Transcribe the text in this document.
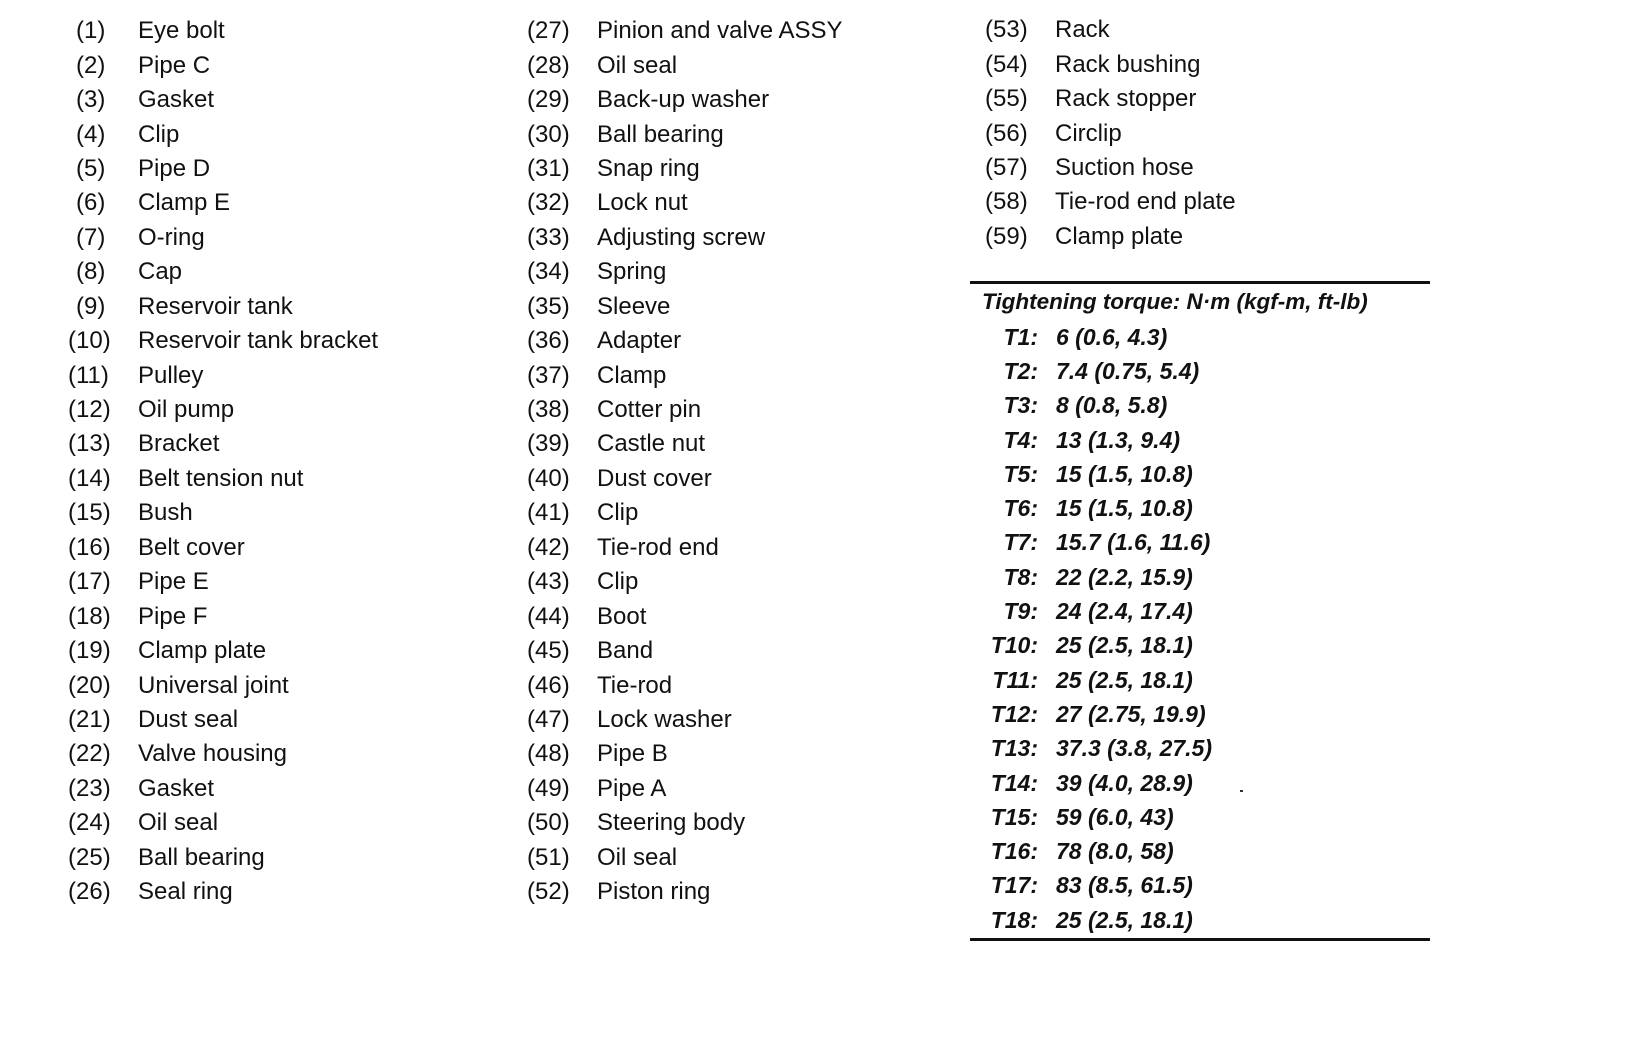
(1)	Eye bolt
(2)	Pipe C
(3)	Gasket
(4)	Clip
(5)	Pipe D
(6)	Clamp E
(7)	O-ring
(8)	Cap
(9)	Reservoir tank
(10)	Reservoir tank bracket
(11)	Pulley
(12)	Oil pump
(13)	Bracket
(14)	Belt tension nut
(15)	Bush
(16)	Belt cover
(17)	Pipe E
(18)	Pipe F
(19)	Clamp plate
(20)	Universal joint
(21)	Dust seal
(22)	Valve housing
(23)	Gasket
(24)	Oil seal
(25)	Ball bearing
(26)	Seal ring
(27)	Pinion and valve ASSY
(28)	Oil seal
(29)	Back-up washer
(30)	Ball bearing
(31)	Snap ring
(32)	Lock nut
(33)	Adjusting screw
(34)	Spring
(35)	Sleeve
(36)	Adapter
(37)	Clamp
(38)	Cotter pin
(39)	Castle nut
(40)	Dust cover
(41)	Clip
(42)	Tie-rod end
(43)	Clip
(44)	Boot
(45)	Band
(46)	Tie-rod
(47)	Lock washer
(48)	Pipe B
(49)	Pipe A
(50)	Steering body
(51)	Oil seal
(52)	Piston ring
(53)	Rack
(54)	Rack bushing
(55)	Rack stopper
(56)	Circlip
(57)	Suction hose
(58)	Tie-rod end plate
(59)	Clamp plate
Tightening torque: N·m (kgf-m, ft-lb)
T1: 6 (0.6, 4.3)
T2: 7.4 (0.75, 5.4)
T3: 8 (0.8, 5.8)
T4: 13 (1.3, 9.4)
T5: 15 (1.5, 10.8)
T6: 15 (1.5, 10.8)
T7: 15.7 (1.6, 11.6)
T8: 22 (2.2, 15.9)
T9: 24 (2.4, 17.4)
T10: 25 (2.5, 18.1)
T11: 25 (2.5, 18.1)
T12: 27 (2.75, 19.9)
T13: 37.3 (3.8, 27.5)
T14: 39 (4.0, 28.9)
T15: 59 (6.0, 43)
T16: 78 (8.0, 58)
T17: 83 (8.5, 61.5)
T18: 25 (2.5, 18.1)
